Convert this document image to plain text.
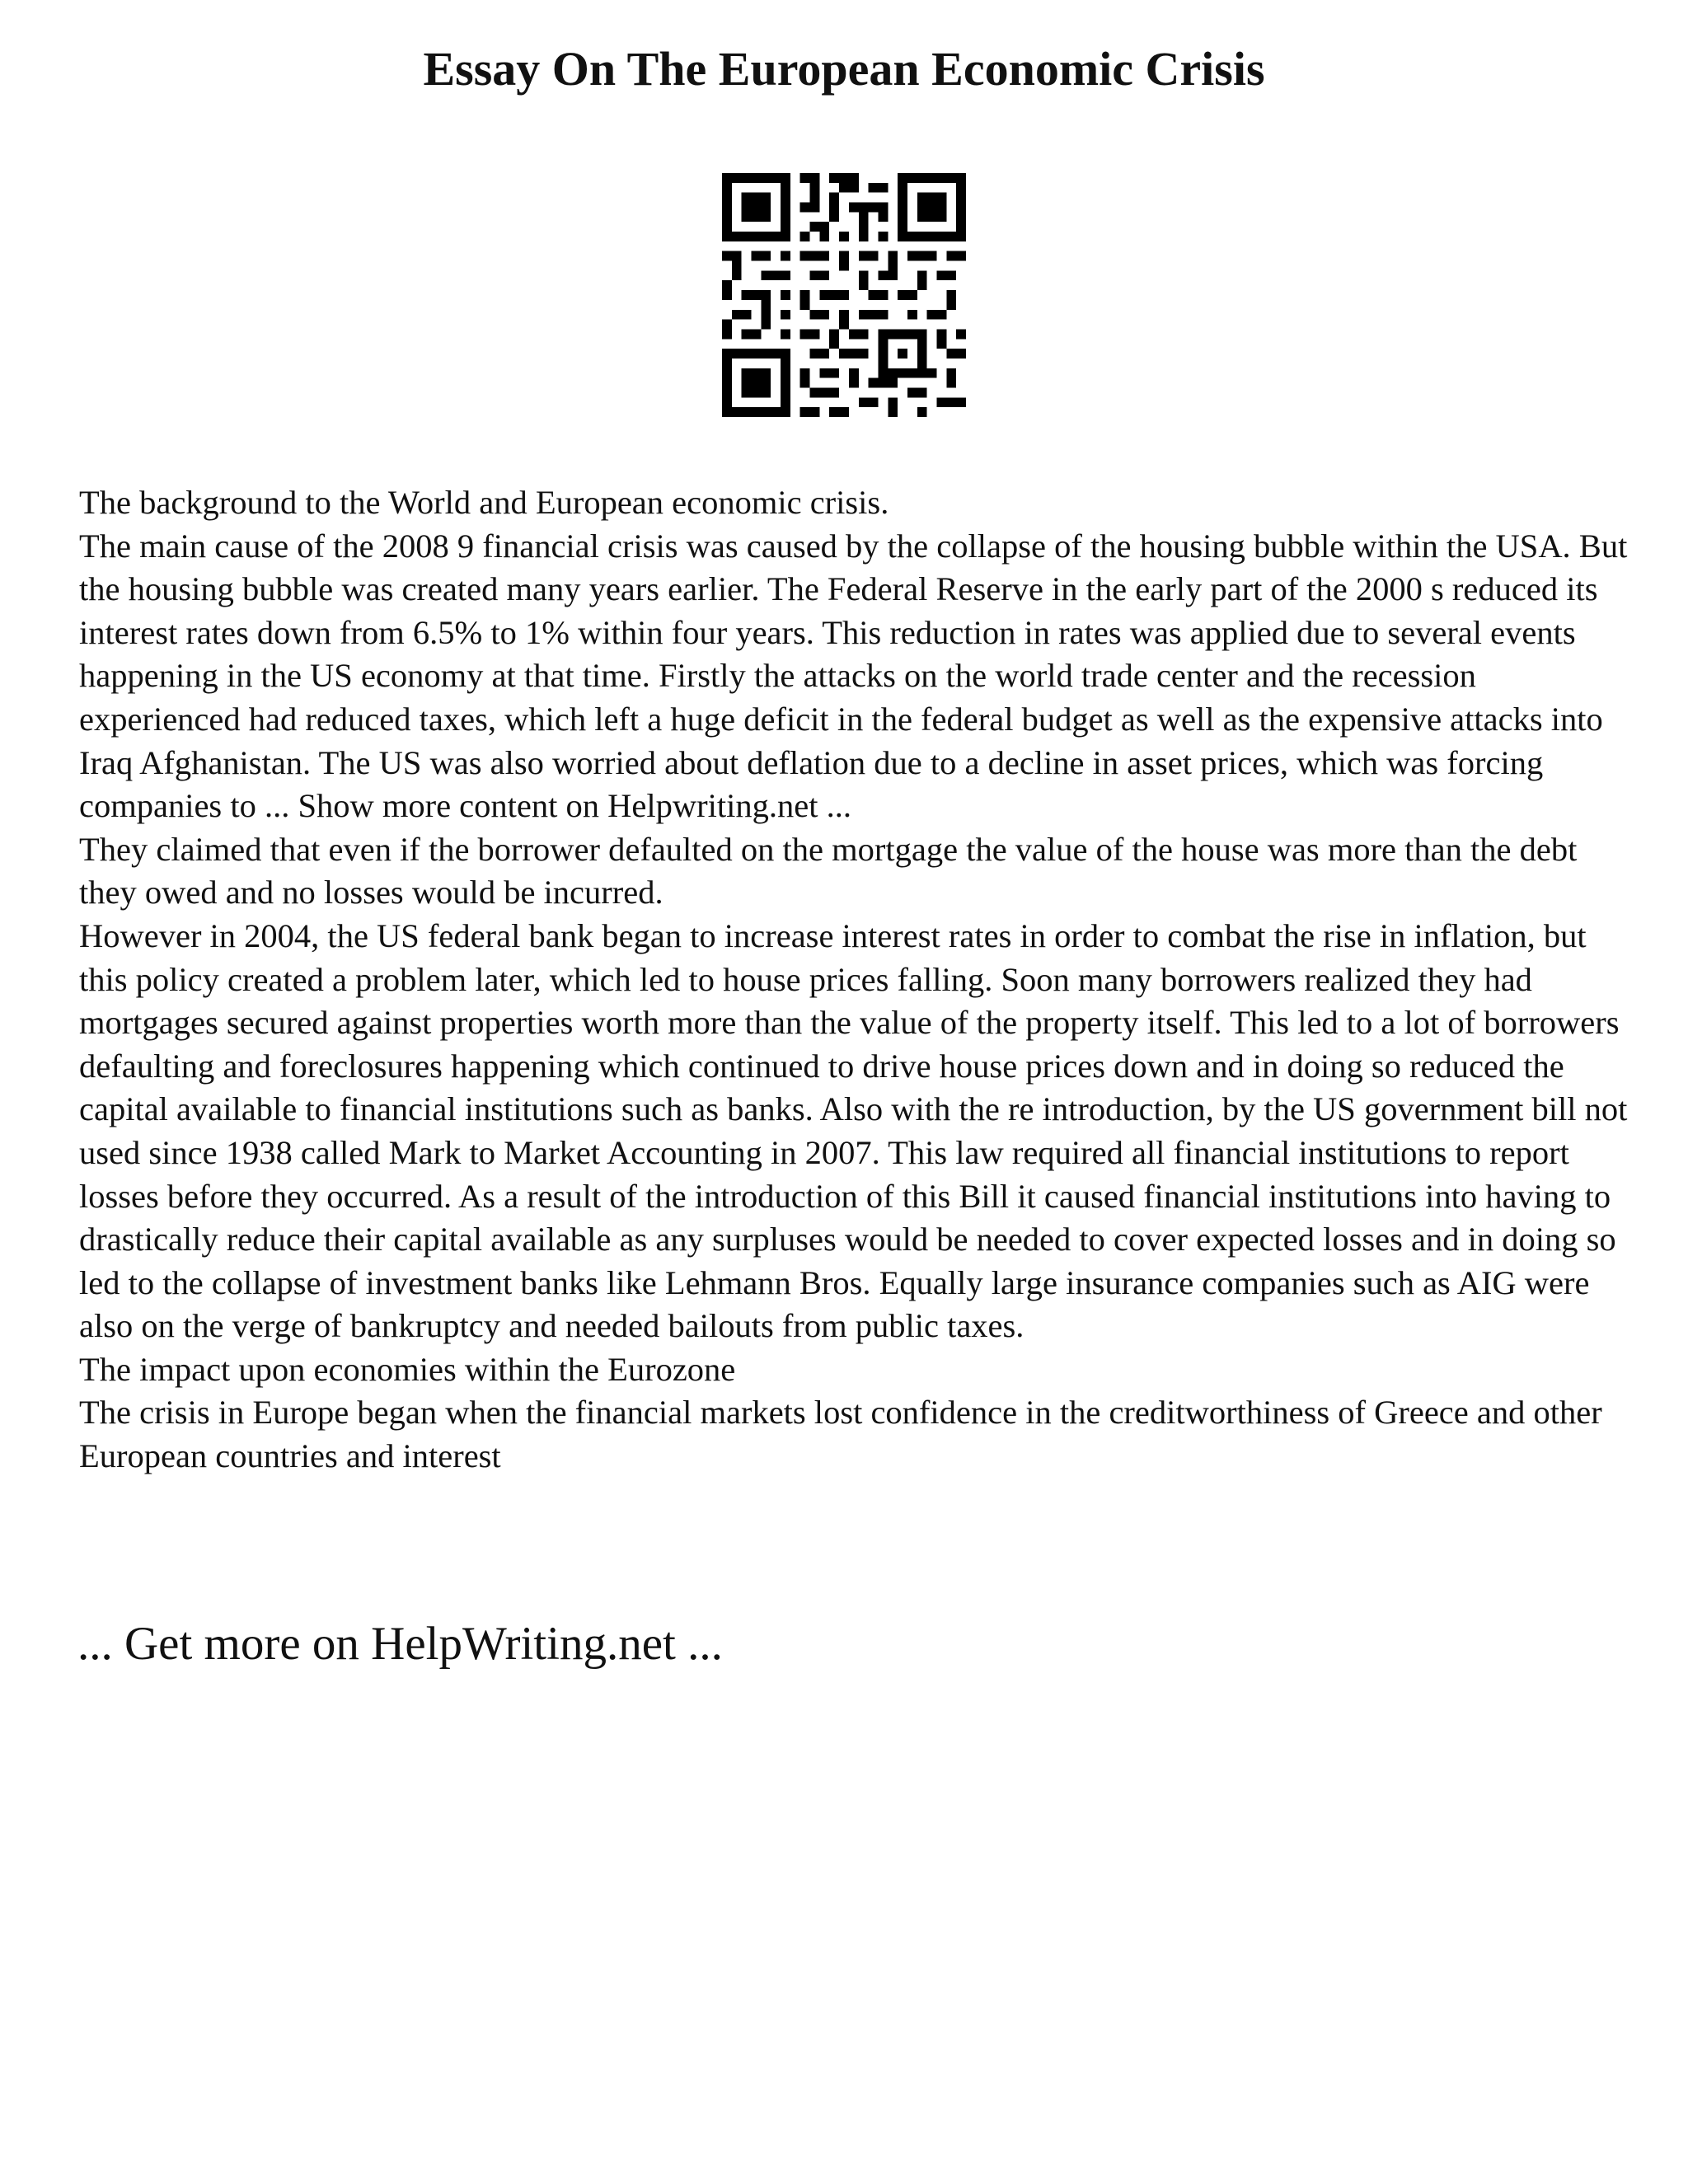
Essay On The European Economic Crisis

The background to the World and European economic crisis.

The main cause of the 2008 9 financial crisis was caused by the collapse of the housing bubble within the USA. But the housing bubble was created many years earlier. The Federal Reserve in the early part of the 2000 s reduced its interest rates down from 6.5% to 1% within four years. This reduction in rates was applied due to several events happening in the US economy at that time. Firstly the attacks on the world trade center and the recession experienced had reduced taxes, which left a huge deficit in the federal budget as well as the expensive attacks into Iraq Afghanistan. The US was also worried about deflation due to a decline in asset prices, which was forcing companies to ... Show more content on Helpwriting.net ...

They claimed that even if the borrower defaulted on the mortgage the value of the house was more than the debt they owed and no losses would be incurred.

However in 2004, the US federal bank began to increase interest rates in order to combat the rise in inflation, but this policy created a problem later, which led to house prices falling. Soon many borrowers realized they had mortgages secured against properties worth more than the value of the property itself. This led to a lot of borrowers defaulting and foreclosures happening which continued to drive house prices down and in doing so reduced the capital available to financial institutions such as banks. Also with the re introduction, by the US government bill not used since 1938 called Mark to Market Accounting in 2007. This law required all financial institutions to report losses before they occurred. As a result of the introduction of this Bill it caused financial institutions into having to drastically reduce their capital available as any surpluses would be needed to cover expected losses and in doing so led to the collapse of investment banks like Lehmann Bros. Equally large insurance companies such as AIG were also on the verge of bankruptcy and needed bailouts from public taxes.

The impact upon economies within the Eurozone

The crisis in Europe began when the financial markets lost confidence in the creditworthiness of Greece and other European countries and interest

... Get more on HelpWriting.net ...
